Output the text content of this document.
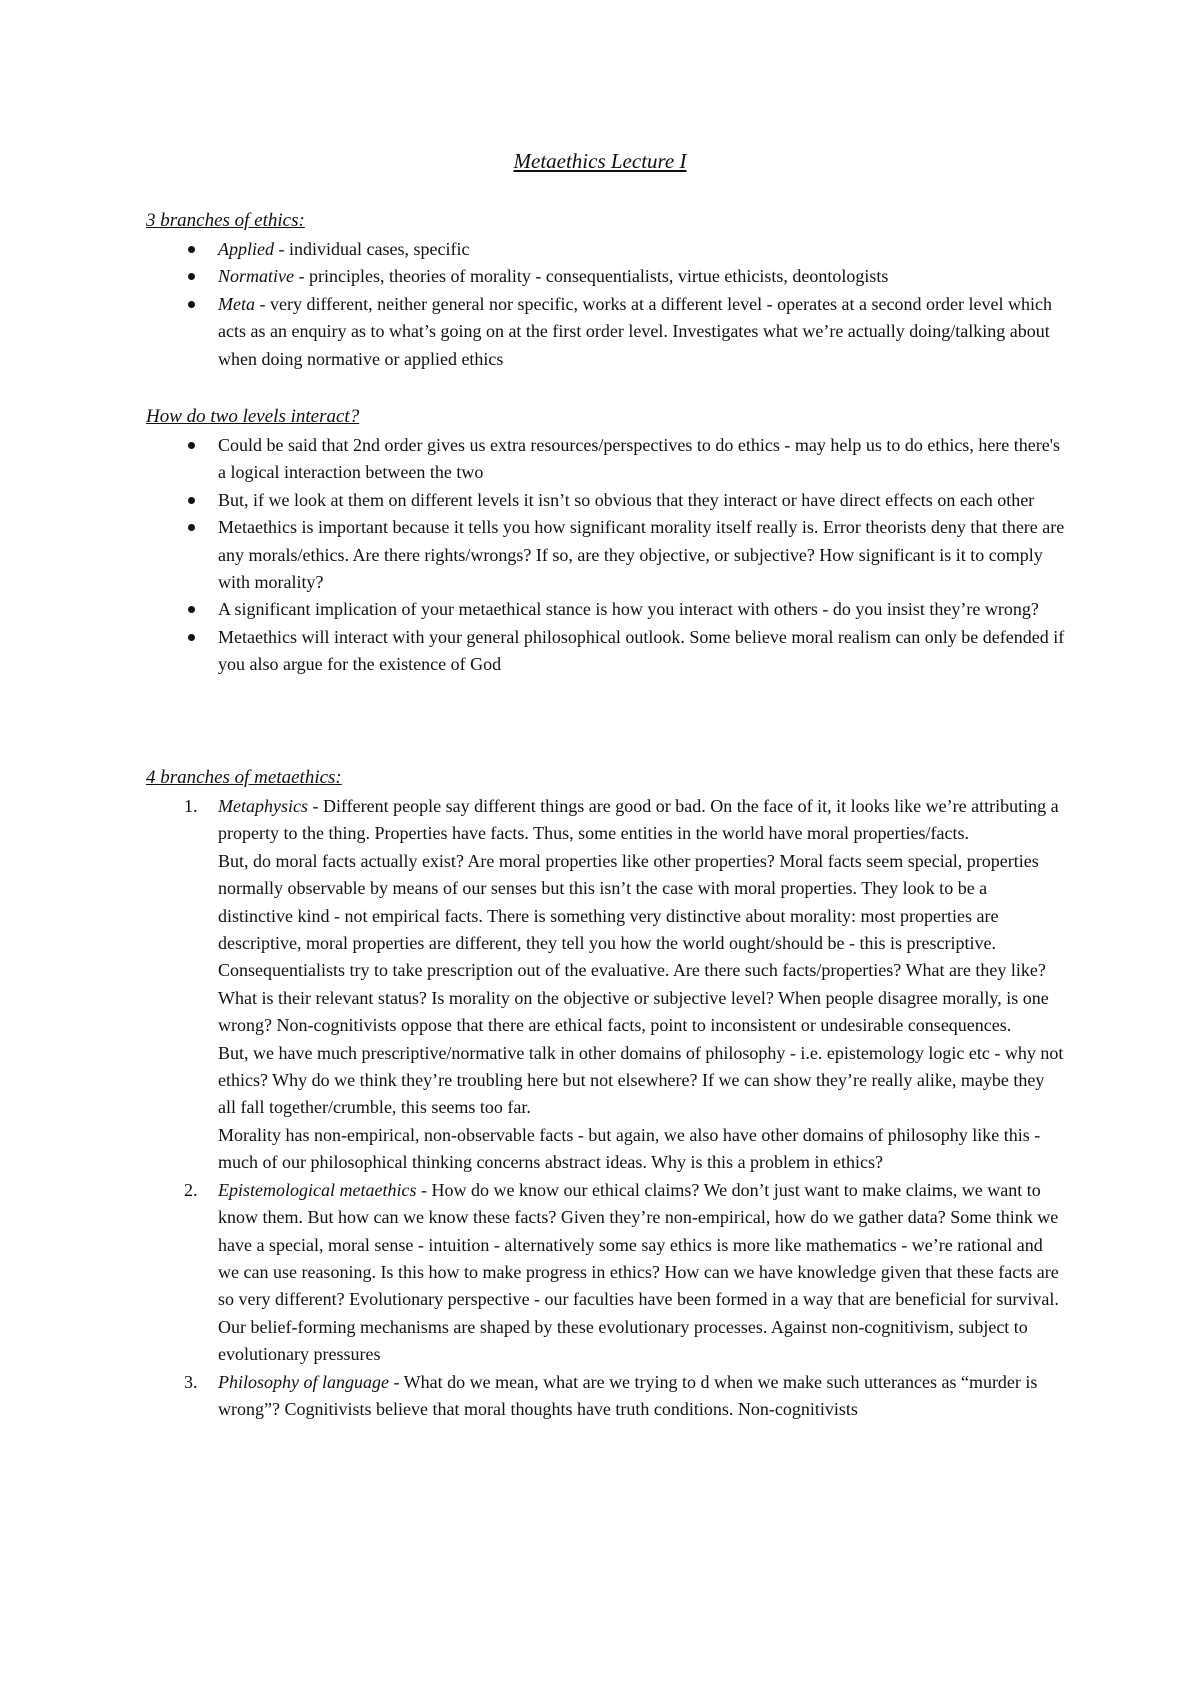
Metaethics Lecture I
3 branches of ethics:
Applied - individual cases, specific
Normative - principles, theories of morality - consequentialists, virtue ethicists, deontologists
Meta - very different, neither general nor specific, works at a different level - operates at a second order level which acts as an enquiry as to what’s going on at the first order level. Investigates what we’re actually doing/talking about when doing normative or applied ethics
How do two levels interact?
Could be said that 2nd order gives us extra resources/perspectives to do ethics - may help us to do ethics, here there's a logical interaction between the two
But, if we look at them on different levels it isn’t so obvious that they interact or have direct effects on each other
Metaethics is important because it tells you how significant morality itself really is. Error theorists deny that there are any morals/ethics. Are there rights/wrongs? If so, are they objective, or subjective? How significant is it to comply with morality?
A significant implication of your metaethical stance is how you interact with others - do you insist they’re wrong?
Metaethics will interact with your general philosophical outlook. Some believe moral realism can only be defended if you also argue for the existence of God
4 branches of metaethics:
1. Metaphysics - Different people say different things are good or bad. On the face of it, it looks like we’re attributing a property to the thing. Properties have facts. Thus, some entities in the world have moral properties/facts.
But, do moral facts actually exist? Are moral properties like other properties? Moral facts seem special, properties normally observable by means of our senses but this isn’t the case with moral properties. They look to be a distinctive kind - not empirical facts. There is something very distinctive about morality: most properties are descriptive, moral properties are different, they tell you how the world ought/should be - this is prescriptive. Consequentialists try to take prescription out of the evaluative. Are there such facts/properties? What are they like? What is their relevant status? Is morality on the objective or subjective level? When people disagree morally, is one wrong? Non-cognitivists oppose that there are ethical facts, point to inconsistent or undesirable consequences.
But, we have much prescriptive/normative talk in other domains of philosophy - i.e. epistemology logic etc - why not ethics? Why do we think they’re troubling here but not elsewhere? If we can show they’re really alike, maybe they all fall together/crumble, this seems too far.
Morality has non-empirical, non-observable facts - but again, we also have other domains of philosophy like this - much of our philosophical thinking concerns abstract ideas. Why is this a problem in ethics?
2. Epistemological metaethics - How do we know our ethical claims? We don’t just want to make claims, we want to know them. But how can we know these facts? Given they’re non-empirical, how do we gather data? Some think we have a special, moral sense - intuition - alternatively some say ethics is more like mathematics - we’re rational and we can use reasoning. Is this how to make progress in ethics? How can we have knowledge given that these facts are so very different? Evolutionary perspective - our faculties have been formed in a way that are beneficial for survival. Our belief-forming mechanisms are shaped by these evolutionary processes. Against non-cognitivism, subject to evolutionary pressures
3. Philosophy of language - What do we mean, what are we trying to d when we make such utterances as “murder is wrong”? Cognitivists believe that moral thoughts have truth conditions. Non-cognitivists
